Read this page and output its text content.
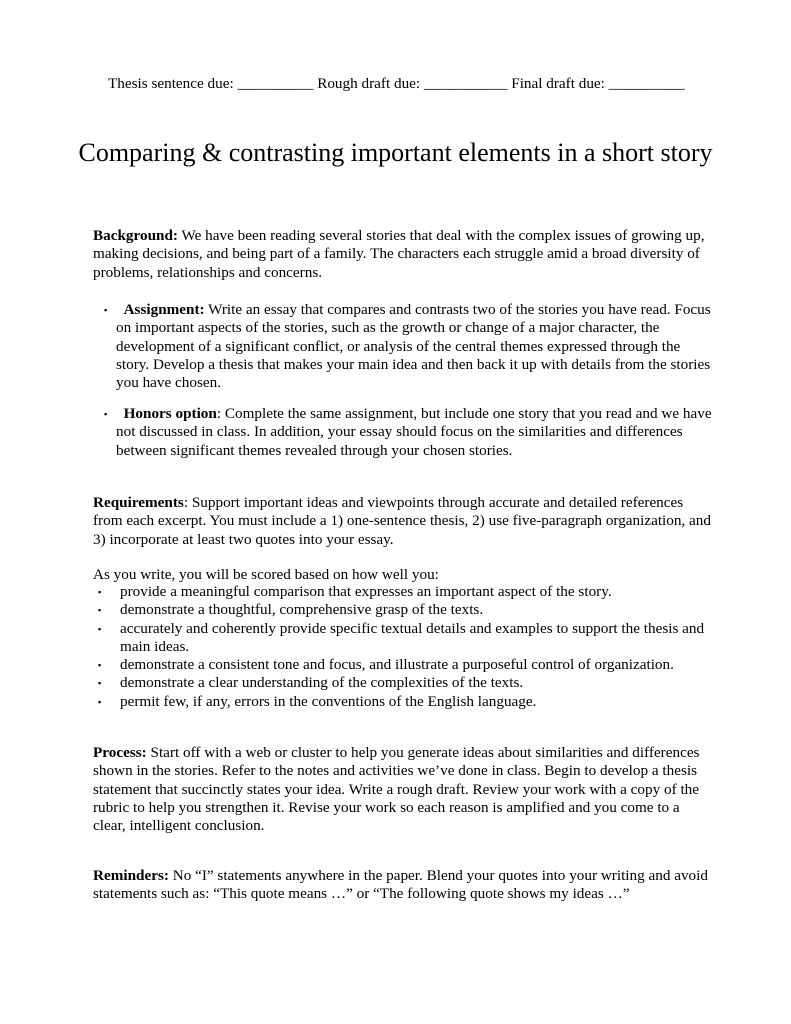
Thesis sentence due: __________ Rough draft due: ___________ Final draft due: __________
Comparing & contrasting important elements in a short story
Background: We have been reading several stories that deal with the complex issues of growing up, making decisions, and being part of a family. The characters each struggle amid a broad diversity of problems, relationships and concerns.
▪ Assignment: Write an essay that compares and contrasts two of the stories you have read. Focus on important aspects of the stories, such as the growth or change of a major character, the development of a significant conflict, or analysis of the central themes expressed through the story. Develop a thesis that makes your main idea and then back it up with details from the stories you have chosen.
▪ Honors option: Complete the same assignment, but include one story that you read and we have not discussed in class. In addition, your essay should focus on the similarities and differences between significant themes revealed through your chosen stories.
Requirements: Support important ideas and viewpoints through accurate and detailed references from each excerpt. You must include a 1) one-sentence thesis, 2) use five-paragraph organization, and 3) incorporate at least two quotes into your essay.
As you write, you will be scored based on how well you:
▪ provide a meaningful comparison that expresses an important aspect of the story.
▪ demonstrate a thoughtful, comprehensive grasp of the texts.
▪ accurately and coherently provide specific textual details and examples to support the thesis and main ideas.
▪ demonstrate a consistent tone and focus, and illustrate a purposeful control of organization.
▪ demonstrate a clear understanding of the complexities of the texts.
▪ permit few, if any, errors in the conventions of the English language.
Process: Start off with a web or cluster to help you generate ideas about similarities and differences shown in the stories. Refer to the notes and activities we’ve done in class. Begin to develop a thesis statement that succinctly states your idea. Write a rough draft. Review your work with a copy of the rubric to help you strengthen it. Revise your work so each reason is amplified and you come to a clear, intelligent conclusion.
Reminders: No “I” statements anywhere in the paper. Blend your quotes into your writing and avoid statements such as: “This quote means …” or “The following quote shows my ideas …”
